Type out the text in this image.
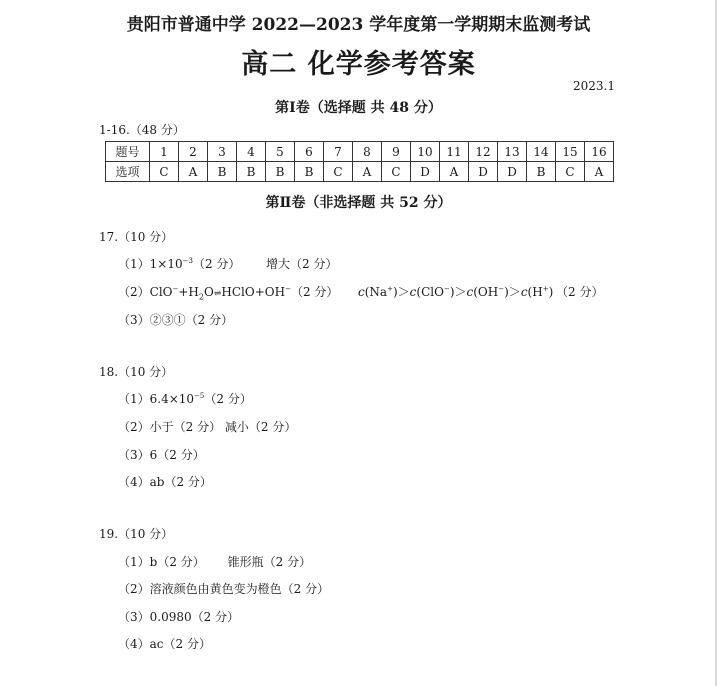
贵阳市普通中学 2022—2023 学年度第一学期期末监测考试
高二 化学参考答案
2023.1
第Ⅰ卷（选择题 共 48 分）
1-16.（48 分）
题号	1	2	3	4	5	6	7	8	9	10	11	12	13	14	15	16
选项	C	A	B	B	B	B	C	A	C	D	A	D	D	B	C	A
第Ⅱ卷（非选择题 共 52 分）
17.（10 分）
$(1)1\times 10^{-3}(2$ 分） 增大（2 分）
$(2)ClO^-+H_2O\rightleftharpoons HClO+OH^-(2$ 分） c(Na+)＞c(ClO−)＞c(OH−)＞c(H+) （2 分）
（3）②③①（2 分）
18.（10 分）
$(1)6.4\times 10^{-5}(2$ 分）
（2）小于（2 分） 减小（2 分）
（3）6（2 分）
（4）ab（2 分）
19.（10 分）
（1）b（2 分）      锥形瓶（2 分）
（2）溶液颜色由黄色变为橙色（2 分）
（3）0.0980（2 分）
（4）ac（2 分）
